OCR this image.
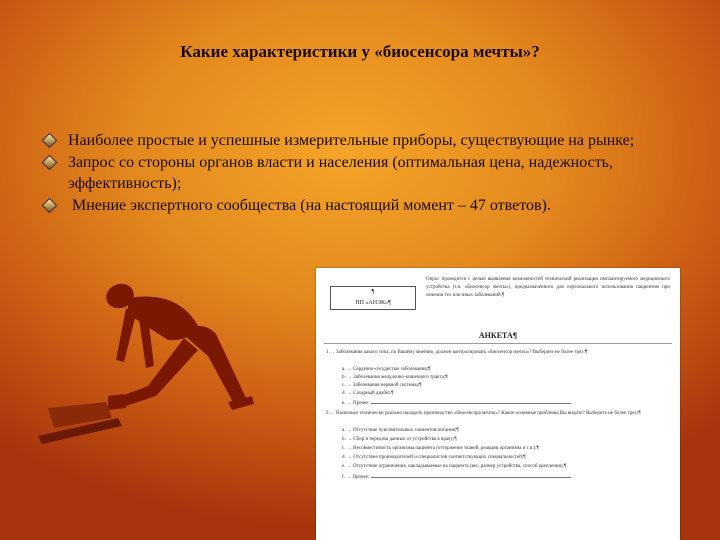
Какие характеристики у «биосенсора мечты»?
Наиболее простые и успешные измерительные приборы, существующие на рынке;
Запрос со стороны органов власти и населения (оптимальная цена, надежность, эффективность);
Мнение экспертного сообщества (на настоящий момент – 47 ответов).
¶
НП «АНЭК»¶
Опрос проводится с целью выявления возможностей технической реализации имплантируемого медицинского устройства (т.н. «Биосенсор мечты»), предназначенного для персонального использования пациентом при лечении тех или иных заболеваний.¶
АНКЕТА¶
1.→ Заболевания какого типа, по Вашему мнению, должен контролировать «биосенсор мечты»? Выберите не более трех:¶
a. → Сердечно-сосудистые заболевания;¶
b. → Заболевания желудочно-кишечного тракта;¶
c. → Заболевания нервной системы;¶
d. → Сахарный диабет.¶
e. → Прочее:
2.→ Насколько технически реально наладить производство «биосенсора мечты»? Какие основные проблемы Вы видите? Выберите не более трех:¶
a. → Отсутствие чувствительных элементов питания;¶
b. → Сбор и передача данных от устройства к врачу;¶
c. → Несовместимость организма пациента (отторжение тканей, реакции организма и т.п.);¶
d. → Отсутствие производителей и специалистов соответствующих специальностей;¶
e. → Отсутствие ограничения, накладываемые на пациента (вес, размер устройства, способ крепления);¶
f. → Прочее:
